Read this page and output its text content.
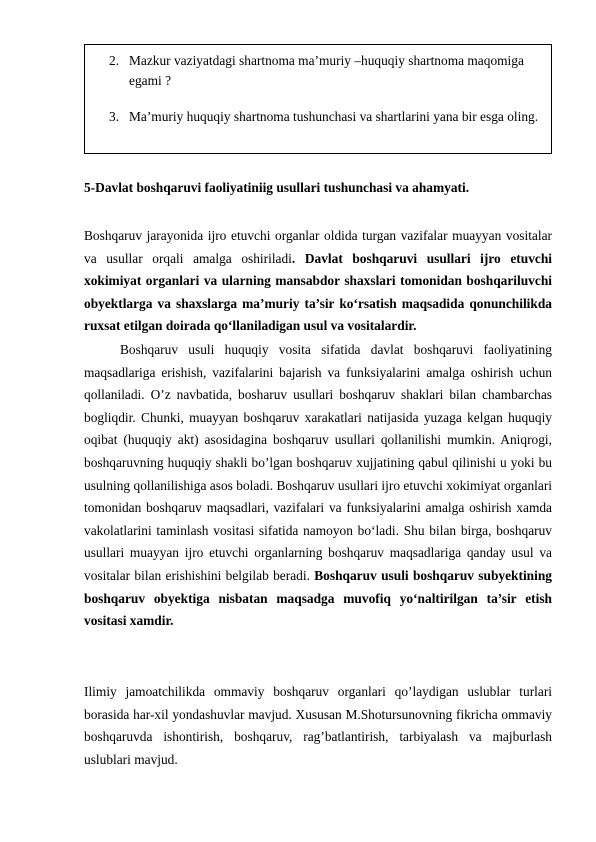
2. Mazkur vaziyatdagi shartnoma ma’muriy –huquqiy shartnoma maqomiga egami ?
3. Ma’muriy huquqiy shartnoma tushunchasi va shartlarini yana bir esga oling.
5-Davlat boshqaruvi faoliyatiniig usullari tushunchasi va ahamyati.

Boshqaruv jarayonida ijro etuvchi organlar oldida turgan vazifalar muayyan vositalar va usullar orqali amalga oshiriladi. Davlat boshqaruvi usullari ijro etuvchi xokimiyat organlari va ularning mansabdor shaxslari tomonidan boshqariluvchi obyektlarga va shaxslarga ma’muriy ta’sir ko‘rsatish maqsadida qonunchilikda ruxsat etilgan doirada qo‘llaniladigan usul va vositalardir.

Boshqaruv usuli huquqiy vosita sifatida davlat boshqaruvi faoliyatining maqsadlariga erishish, vazifalarini bajarish va funksiyalarini amalga oshirish uchun qollaniladi. O’z navbatida, bosharuv usullari boshqaruv shaklari bilan chambarchas bogliqdir. Chunki, muayyan boshqaruv xarakatlari natijasida yuzaga kelgan huquqiy oqibat (huquqiy akt) asosidagina boshqaruv usullari qollanilishi mumkin. Aniqrogi, boshqaruvning huquqiy shakli bo’lgan boshqaruv xujjatining qabul qilinishi u yoki bu usulning qollanilishiga asos boladi. Boshqaruv usullari ijro etuvchi xokimiyat organlari tomonidan boshqaruv maqsadlari, vazifalari va funksiyalarini amalga oshirish xamda vakolatlarini taminlash vositasi sifatida namoyon bo‘ladi. Shu bilan birga, boshqaruv usullari muayyan ijro etuvchi organlarning boshqaruv maqsadlariga qanday usul va vositalar bilan erishishini belgilab beradi. Boshqaruv usuli boshqaruv subyektining boshqaruv obyektiga nisbatan maqsadga muvofiq yo‘naltirilgan ta’sir etish vositasi xamdir.

Ilimiy jamoatchilikda ommaviy boshqaruv organlari qo’laydigan uslublar turlari borasida har-xil yondashuvlar mavjud. Xususan M.Shotursunovning fikricha ommaviy boshqaruvda ishontirish, boshqaruv, rag’batlantirish, tarbiyalash va majburlash uslublari mavjud.
